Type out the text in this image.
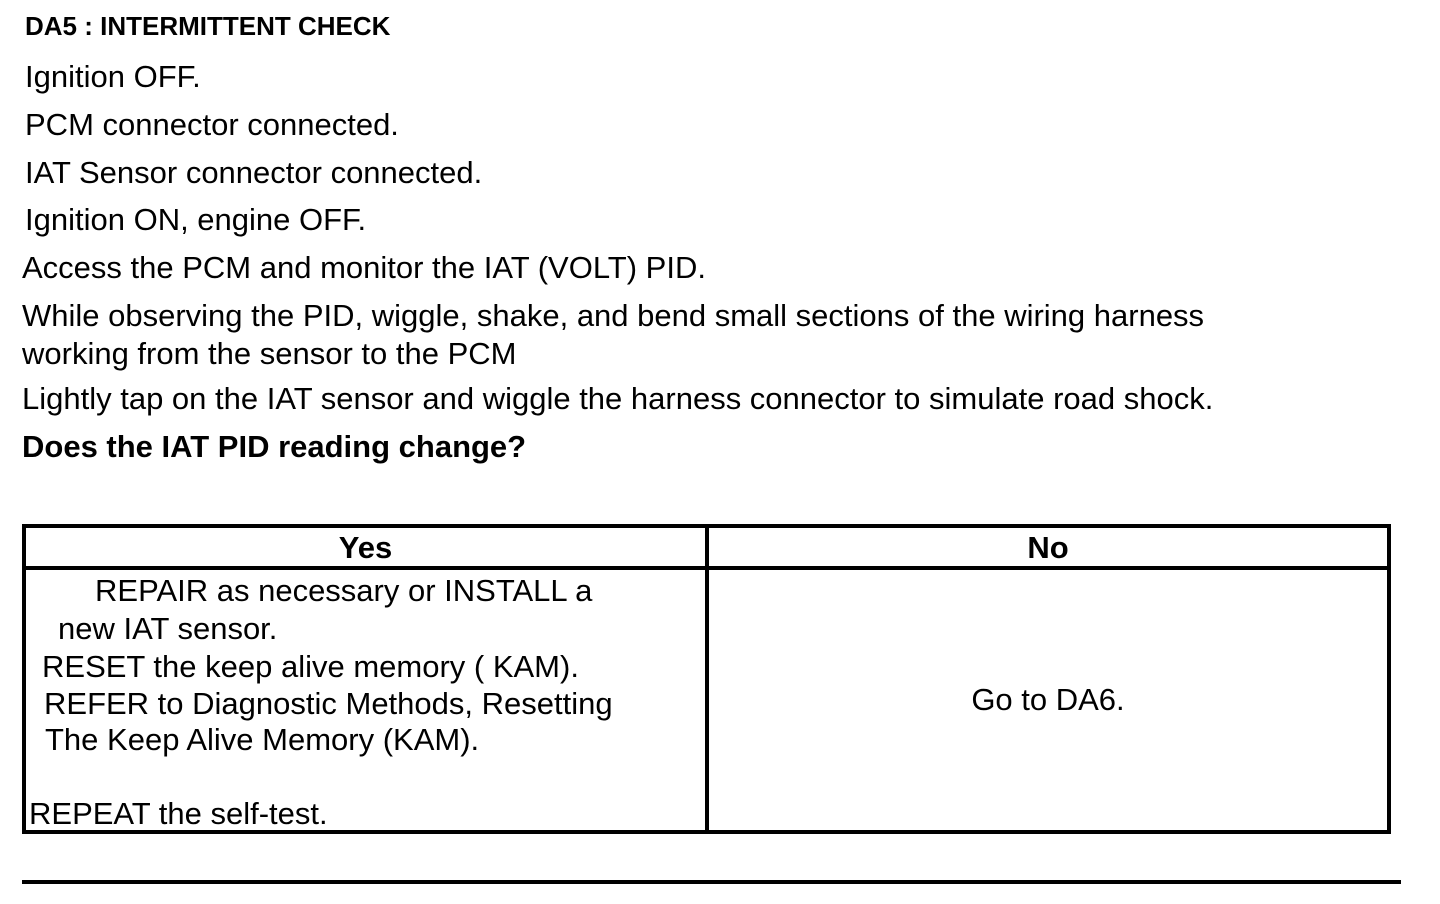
DA5 : INTERMITTENT CHECK
Ignition OFF.
PCM connector connected.
IAT Sensor connector connected.
Ignition ON, engine OFF.
Access the PCM and monitor the IAT (VOLT) PID.
While observing the PID, wiggle, shake, and bend small sections of the wiring harness
working from the sensor to the PCM
Lightly tap on the IAT sensor and wiggle the harness connector to simulate road shock.
Does the IAT PID reading change?
Yes	No
REPAIR as necessary or INSTALL a
new IAT sensor.
RESET the keep alive memory ( KAM).
REFER to Diagnostic Methods, Resetting
The Keep Alive Memory (KAM).
REPEAT the self-test.
Go to DA6.
